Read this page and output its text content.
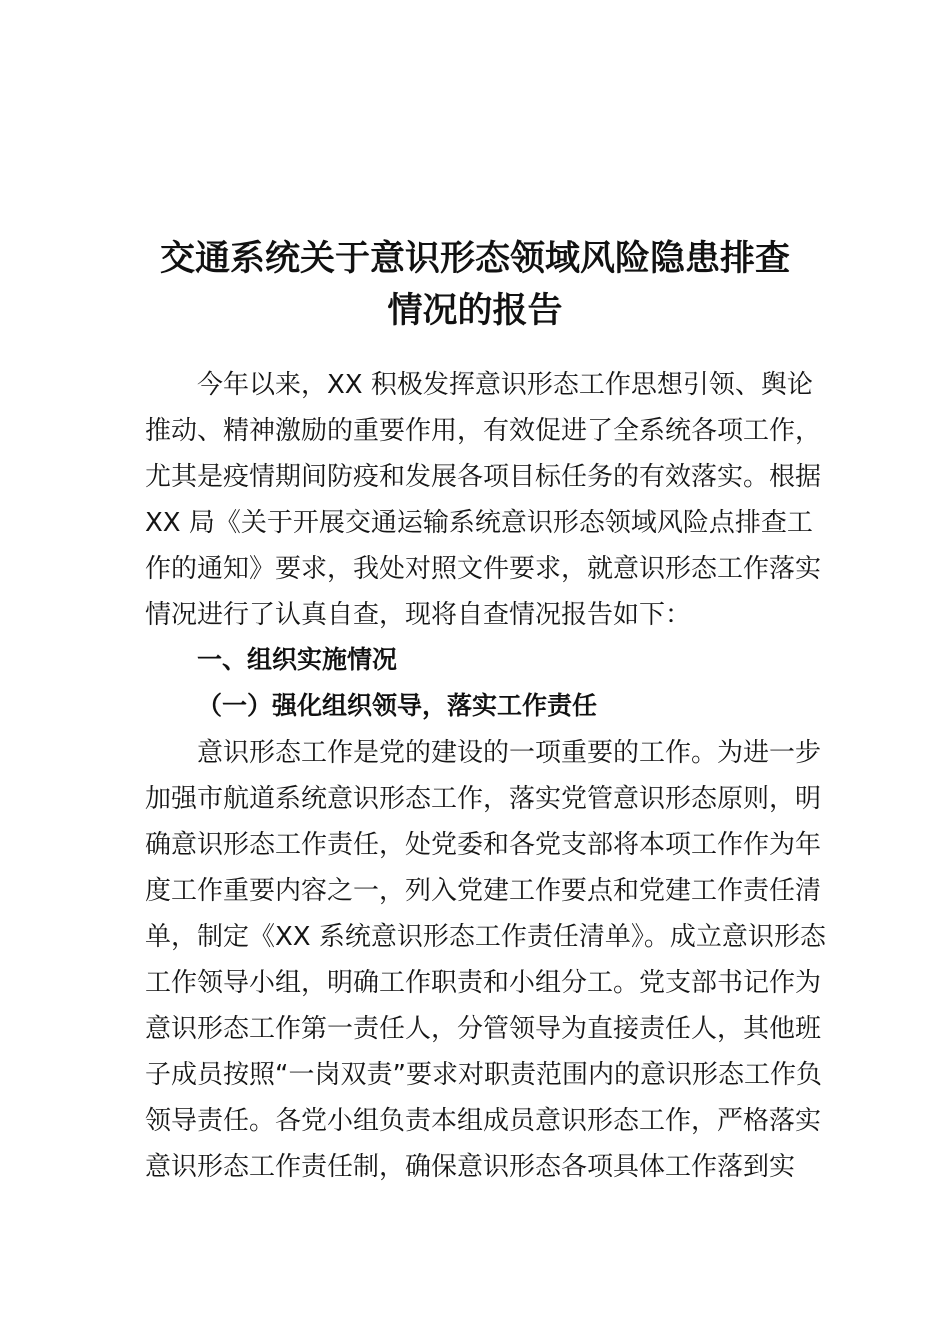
交通系统关于意识形态领域风险隐患排查
情况的报告
今年以来，XX 积极发挥意识形态工作思想引领、舆论
推动、精神激励的重要作用，有效促进了全系统各项工作，
尤其是疫情期间防疫和发展各项目标任务的有效落实。根据
XX 局《关于开展交通运输系统意识形态领域风险点排查工
作的通知》要求，我处对照文件要求，就意识形态工作落实
情况进行了认真自查，现将自查情况报告如下：
一、组织实施情况
（一）强化组织领导，落实工作责任
意识形态工作是党的建设的一项重要的工作。为进一步
加强市航道系统意识形态工作，落实党管意识形态原则，明
确意识形态工作责任，处党委和各党支部将本项工作作为年
度工作重要内容之一，列入党建工作要点和党建工作责任清
单，制定《XX 系统意识形态工作责任清单》。成立意识形态
工作领导小组，明确工作职责和小组分工。党支部书记作为
意识形态工作第一责任人，分管领导为直接责任人，其他班
子成员按照“一岗双责”要求对职责范围内的意识形态工作负
领导责任。各党小组负责本组成员意识形态工作，严格落实
意识形态工作责任制，确保意识形态各项具体工作落到实
